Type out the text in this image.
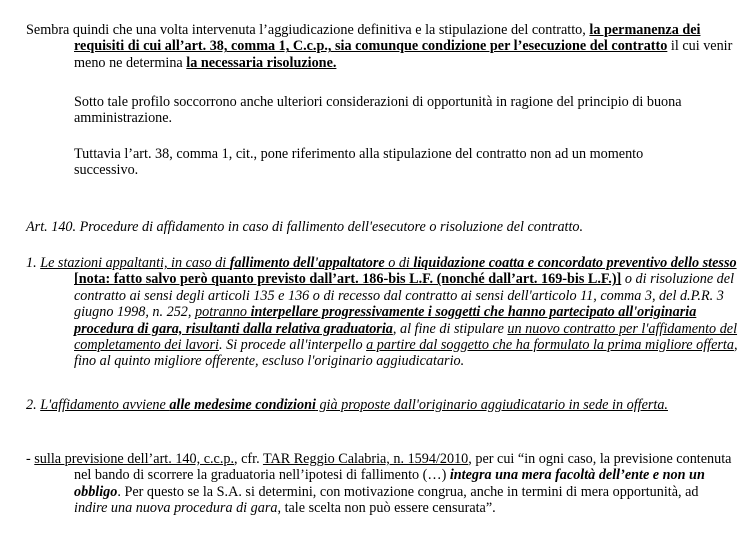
Sembra quindi che una volta intervenuta l’aggiudicazione definitiva e la stipulazione del contratto, la permanenza dei requisiti di cui all’art. 38, comma 1, C.c.p., sia comunque condizione per l’esecuzione del contratto il cui venir meno ne determina la necessaria risoluzione.

Sotto tale profilo soccorrono anche ulteriori considerazioni di opportunità in ragione del principio di buona amministrazione.

Tuttavia l’art. 38, comma 1, cit., pone riferimento alla stipulazione del contratto non ad un momento successivo.

Art. 140. Procedure di affidamento in caso di fallimento dell'esecutore o risoluzione del contratto.

1. Le stazioni appaltanti, in caso di fallimento dell'appaltatore o di liquidazione coatta e concordato preventivo dello stesso [nota: fatto salvo però quanto previsto dall’art. 186-bis L.F. (nonché dall’art. 169-bis L.F.)] o di risoluzione del contratto ai sensi degli articoli 135 e 136 o di recesso dal contratto ai sensi dell'articolo 11, comma 3, del d.P.R. 3 giugno 1998, n. 252, potranno interpellare progressivamente i soggetti che hanno partecipato all'originaria procedura di gara, risultanti dalla relativa graduatoria, al fine di stipulare un nuovo contratto per l'affidamento del completamento dei lavori. Si procede all'interpello a partire dal soggetto che ha formulato la prima migliore offerta, fino al quinto migliore offerente, escluso l'originario aggiudicatario.

2. L'affidamento avviene alle medesime condizioni già proposte dall'originario aggiudicatario in sede in offerta.

- sulla previsione dell’art. 140, c.c.p., cfr. TAR Reggio Calabria, n. 1594/2010, per cui “in ogni caso, la previsione contenuta nel bando di scorrere la graduatoria nell’ipotesi di fallimento (…) integra una mera facoltà dell’ente e non un obbligo. Per questo se la S.A. si determini, con motivazione congrua, anche in termini di mera opportunità, ad indire una nuova procedura di gara, tale scelta non può essere censurata”.
